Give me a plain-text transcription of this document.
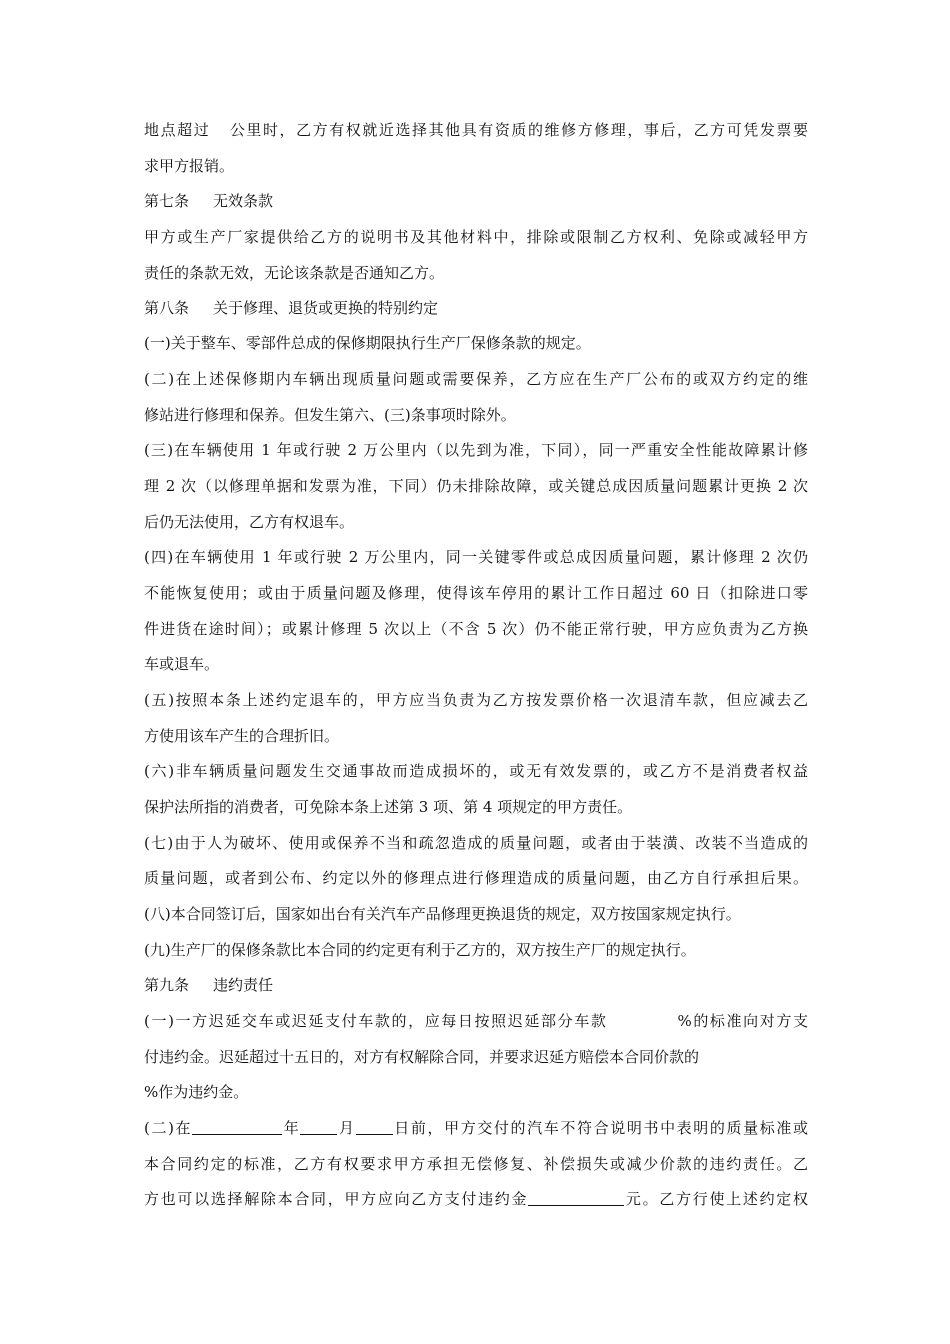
地点超过 公里时，乙方有权就近选择其他具有资质的维修方修理，事后，乙方可凭发票要
求甲方报销。
第七条 无效条款
甲方或生产厂家提供给乙方的说明书及其他材料中，排除或限制乙方权利、免除或减轻甲方
责任的条款无效，无论该条款是否通知乙方。
第八条 关于修理、退货或更换的特别约定
(一)关于整车、零部件总成的保修期限执行生产厂保修条款的规定。
(二)在上述保修期内车辆出现质量问题或需要保养，乙方应在生产厂公布的或双方约定的维
修站进行修理和保养。但发生第六、(三)条事项时除外。
(三)在车辆使用 1 年或行驶 2 万公里内（以先到为准，下同），同一严重安全性能故障累计修
理 2 次（以修理单据和发票为准，下同）仍未排除故障，或关键总成因质量问题累计更换 2 次
后仍无法使用，乙方有权退车。
(四)在车辆使用 1 年或行驶 2 万公里内，同一关键零件或总成因质量问题，累计修理 2 次仍
不能恢复使用；或由于质量问题及修理，使得该车停用的累计工作日超过 60 日（扣除进口零
件进货在途时间）；或累计修理 5 次以上（不含 5 次）仍不能正常行驶，甲方应负责为乙方换
车或退车。
(五)按照本条上述约定退车的，甲方应当负责为乙方按发票价格一次退清车款，但应减去乙
方使用该车产生的合理折旧。
(六)非车辆质量问题发生交通事故而造成损坏的，或无有效发票的，或乙方不是消费者权益
保护法所指的消费者，可免除本条上述第 3 项、第 4 项规定的甲方责任。
(七)由于人为破坏、使用或保养不当和疏忽造成的质量问题，或者由于装潢、改装不当造成的
质量问题，或者到公布、约定以外的修理点进行修理造成的质量问题，由乙方自行承担后果。
(八)本合同签订后，国家如出台有关汽车产品修理更换退货的规定，双方按国家规定执行。
(九)生产厂的保修条款比本合同的约定更有利于乙方的，双方按生产厂的规定执行。
第九条 违约责任
(一)一方迟延交车或迟延支付车款的，应每日按照迟延部分车款	%的标准向对方支
付违约金。迟延超过十五日的，对方有权解除合同，并要求迟延方赔偿本合同价款的
%作为违约金。
(二)在	年 月 日前，甲方交付的汽车不符合说明书中表明的质量标准或
本合同约定的标准，乙方有权要求甲方承担无偿修复、补偿损失或减少价款的违约责任。乙
方也可以选择解除本合同，甲方应向乙方支付违约金	元。乙方行使上述约定权
